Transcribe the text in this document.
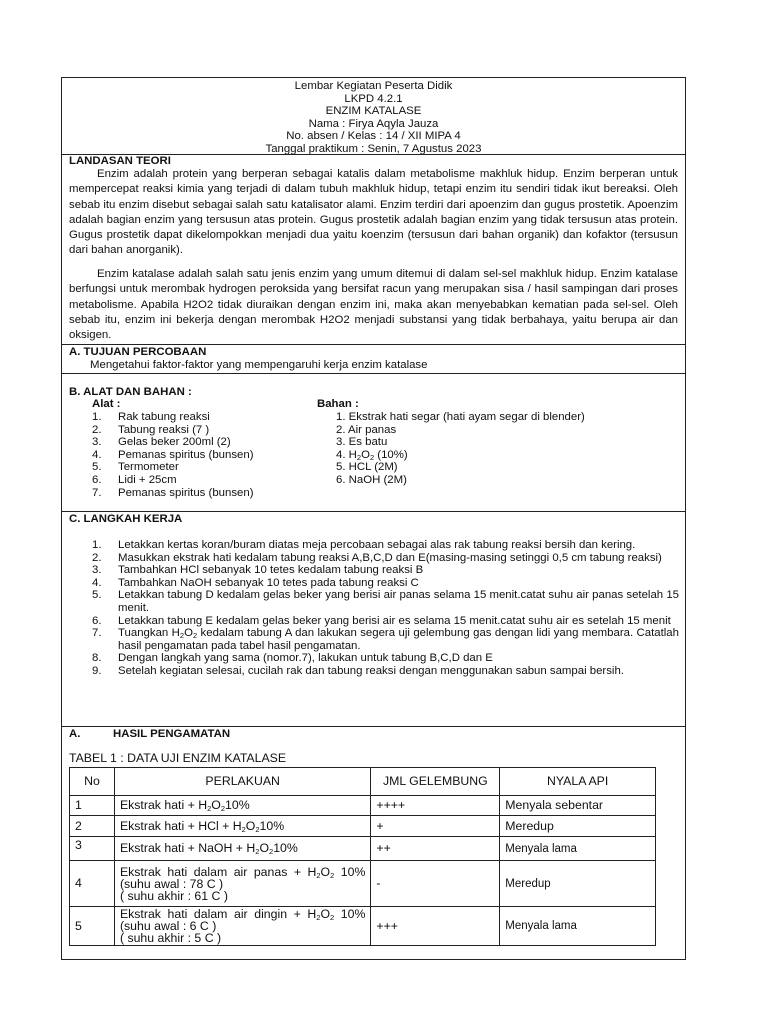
Lembar Kegiatan Peserta Didik
LKPD 4.2.1
ENZIM KATALASE
Nama : Firya Aqyla Jauza
No. absen / Kelas : 14 / XII MIPA 4
Tanggal praktikum : Senin, 7 Agustus 2023
LANDASAN TEORI
Enzim adalah protein yang berperan sebagai katalis dalam metabolisme makhluk hidup. Enzim berperan untuk mempercepat reaksi kimia yang terjadi di dalam tubuh makhluk hidup, tetapi enzim itu sendiri tidak ikut bereaksi. Oleh sebab itu enzim disebut sebagai salah satu katalisator alami. Enzim terdiri dari apoenzim dan gugus prostetik. Apoenzim adalah bagian enzim yang tersusun atas protein. Gugus prostetik adalah bagian enzim yang tidak tersusun atas protein. Gugus prostetik dapat dikelompokkan menjadi dua yaitu koenzim (tersusun dari bahan organik) dan kofaktor (tersusun dari bahan anorganik).
Enzim katalase adalah salah satu jenis enzim yang umum ditemui di dalam sel-sel makhluk hidup. Enzim katalase berfungsi untuk merombak hydrogen peroksida yang bersifat racun yang merupakan sisa / hasil sampingan dari proses metabolisme. Apabila H2O2 tidak diuraikan dengan enzim ini, maka akan menyebabkan kematian pada sel-sel. Oleh sebab itu, enzim ini bekerja dengan merombak H2O2 menjadi substansi yang tidak berbahaya, yaitu berupa air dan oksigen.
A. TUJUAN PERCOBAAN
Mengetahui faktor-faktor yang mempengaruhi kerja enzim katalase
B. ALAT DAN BAHAN :
Alat :	Bahan :
1. Rak tabung reaksi
2. Tabung reaksi (7 )
3. Gelas beker 200ml (2)
4. Pemanas spiritus (bunsen)
5. Termometer
6. Lidi + 25cm
7. Pemanas spiritus (bunsen)
1. Ekstrak hati segar (hati ayam segar di blender)
2. Air panas
3. Es batu
4. $H_2O_2$ (10%)
5. HCL (2M)
6. NaOH (2M)
C. LANGKAH KERJA
1. Letakkan kertas koran/buram diatas meja percobaan sebagai alas rak tabung reaksi bersih dan kering.
2. Masukkan ekstrak hati kedalam tabung reaksi A,B,C,D dan E(masing-masing setinggi 0,5 cm tabung reaksi)
3. Tambahkan HCl sebanyak 10 tetes kedalam tabung reaksi B
4. Tambahkan NaOH sebanyak 10 tetes pada tabung reaksi C
5. Letakkan tabung D kedalam gelas beker yang berisi air panas selama 15 menit.catat suhu air panas setelah 15 menit.
6. Letakkan tabung E kedalam gelas beker yang berisi air es selama 15 menit.catat suhu air es setelah 15 menit
7. Tuangkan $H_2O_2$ kedalam tabung A dan lakukan segera uji gelembung gas dengan lidi yang membara. Catatlah hasil pengamatan pada tabel hasil pengamatan.
8. Dengan langkah yang sama (nomor.7), lakukan untuk tabung B,C,D dan E
9. Setelah kegiatan selesai, cucilah rak dan tabung reaksi dengan menggunakan sabun sampai bersih.
A.	HASIL PENGAMATAN
TABEL 1 : DATA UJI ENZIM KATALASE
No	PERLAKUAN	JML GELEMBUNG	NYALA API
1	Ekstrak hati + $H_2O_210\%$	++++	Menyala sebentar
2	Ekstrak hati + HCl + $H_2O_210\%$	+	Meredup
3	Ekstrak hati + NaOH + $H_2O_210\%$	++	Menyala lama
4	Ekstrak hati dalam air panas + $H_2O_2$ 10% (suhu awal : 78 C )
( suhu akhir : 61 C )	-	Meredup
5	Ekstrak hati dalam air dingin + $H_2O_2$ 10% (suhu awal : 6 C )
( suhu akhir : 5 C )	+++	Menyala lama
